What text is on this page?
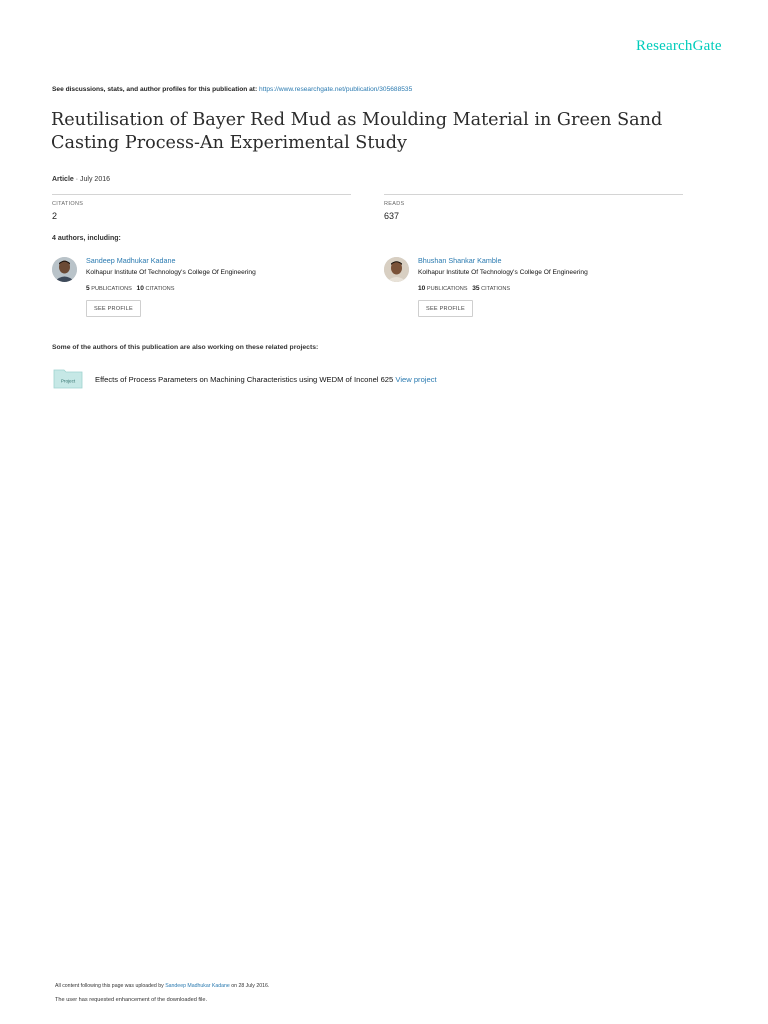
ResearchGate
See discussions, stats, and author profiles for this publication at: https://www.researchgate.net/publication/305688535
Reutilisation of Bayer Red Mud as Moulding Material in Green Sand Casting Process-An Experimental Study
Article · July 2016
CITATIONS
2
READS
637
4 authors, including:
Sandeep Madhukar Kadane
Kolhapur Institute Of Technology's College Of Engineering
5 PUBLICATIONS 10 CITATIONS
SEE PROFILE
Bhushan Shankar Kamble
Kolhapur Institute Of Technology's College Of Engineering
10 PUBLICATIONS 35 CITATIONS
SEE PROFILE
Some of the authors of this publication are also working on these related projects:
Project	Effects of Process Parameters on Machining Characteristics using WEDM of Inconel 625 View project
All content following this page was uploaded by Sandeep Madhukar Kadane on 28 July 2016.
The user has requested enhancement of the downloaded file.
